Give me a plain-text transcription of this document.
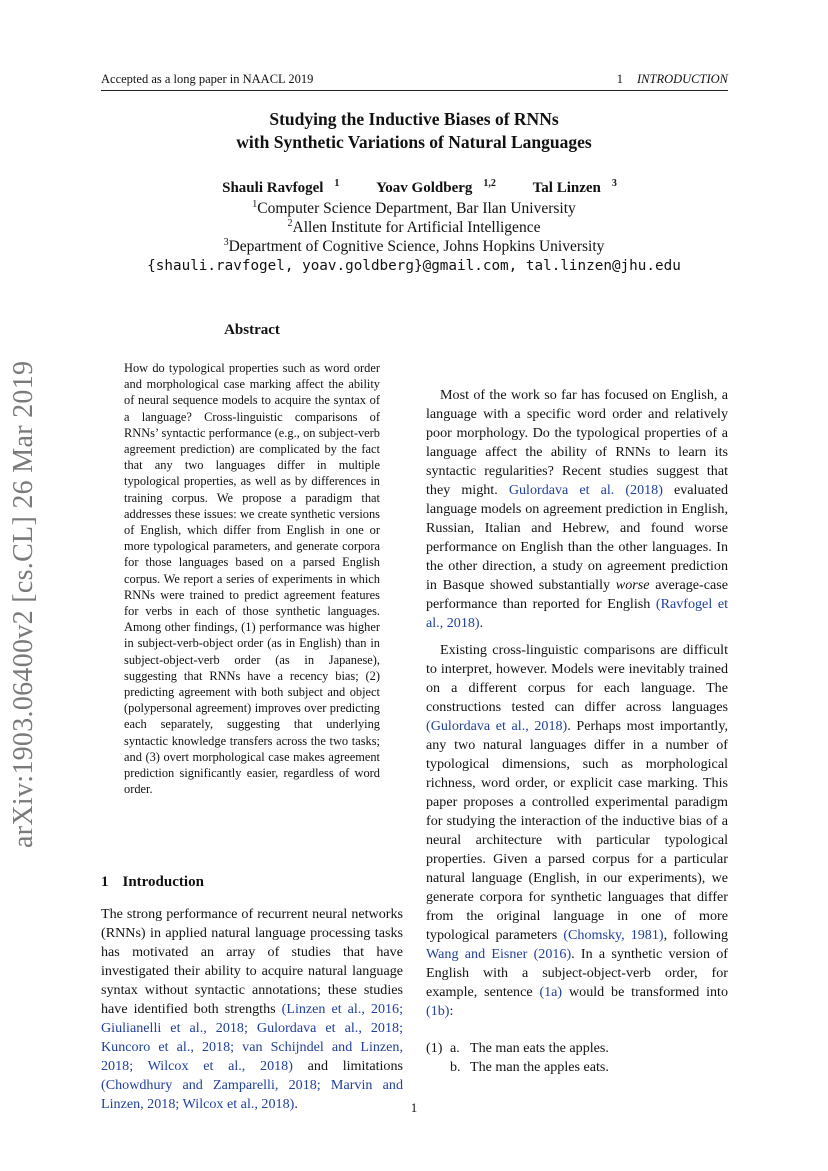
Accepted as a long paper in NAACL 2019	1 INTRODUCTION
arXiv:1903.06400v2 [cs.CL] 26 Mar 2019
Studying the Inductive Biases of RNNs
with Synthetic Variations of Natural Languages
Shauli Ravfogel $^1$ Yoav Goldberg $^{1,2}$ Tal Linzen $^3$
$^1$Computer Science Department, Bar Ilan University
$^2$Allen Institute for Artificial Intelligence
$^3$Department of Cognitive Science, Johns Hopkins University
{shauli.ravfogel, yoav.goldberg}@gmail.com, tal.linzen@jhu.edu
Abstract

How do typological properties such as word order and morphological case marking affect the ability of neural sequence models to acquire the syntax of a language? Cross-linguistic comparisons of RNNs’ syntactic performance (e.g., on subject-verb agreement prediction) are complicated by the fact that any two languages differ in multiple typological properties, as well as by differences in training corpus. We propose a paradigm that addresses these issues: we create synthetic versions of English, which differ from English in one or more typological parameters, and generate corpora for those languages based on a parsed English corpus. We report a series of experiments in which RNNs were trained to predict agreement features for verbs in each of those synthetic languages. Among other findings, (1) performance was higher in subject-verb-object order (as in English) than in subject-object-verb order (as in Japanese), suggesting that RNNs have a recency bias; (2) predicting agreement with both subject and object (polypersonal agreement) improves over predicting each separately, suggesting that underlying syntactic knowledge transfers across the two tasks; and (3) overt morphological case makes agreement prediction significantly easier, regardless of word order.

1 Introduction

The strong performance of recurrent neural networks (RNNs) in applied natural language processing tasks has motivated an array of studies that have investigated their ability to acquire natural language syntax without syntactic annotations; these studies have identified both strengths (Linzen et al., 2016; Giulianelli et al., 2018; Gulordava et al., 2018; Kuncoro et al., 2018; van Schijndel and Linzen, 2018; Wilcox et al., 2018) and limitations (Chowdhury and Zamparelli, 2018; Marvin and Linzen, 2018; Wilcox et al., 2018).

Most of the work so far has focused on English, a language with a specific word order and relatively poor morphology. Do the typological properties of a language affect the ability of RNNs to learn its syntactic regularities? Recent studies suggest that they might. Gulordava et al. (2018) evaluated language models on agreement prediction in English, Russian, Italian and Hebrew, and found worse performance on English than the other languages. In the other direction, a study on agreement prediction in Basque showed substantially worse average-case performance than reported for English (Ravfogel et al., 2018).

Existing cross-linguistic comparisons are difficult to interpret, however. Models were inevitably trained on a different corpus for each language. The constructions tested can differ across languages (Gulordava et al., 2018). Perhaps most importantly, any two natural languages differ in a number of typological dimensions, such as morphological richness, word order, or explicit case marking. This paper proposes a controlled experimental paradigm for studying the interaction of the inductive bias of a neural architecture with particular typological properties. Given a parsed corpus for a particular natural language (English, in our experiments), we generate corpora for synthetic languages that differ from the original language in one of more typological parameters (Chomsky, 1981), following Wang and Eisner (2016). In a synthetic version of English with a subject-object-verb order, for example, sentence (1a) would be transformed into (1b):

(1) a. The man eats the apples.
b. The man the apples eats.
1
